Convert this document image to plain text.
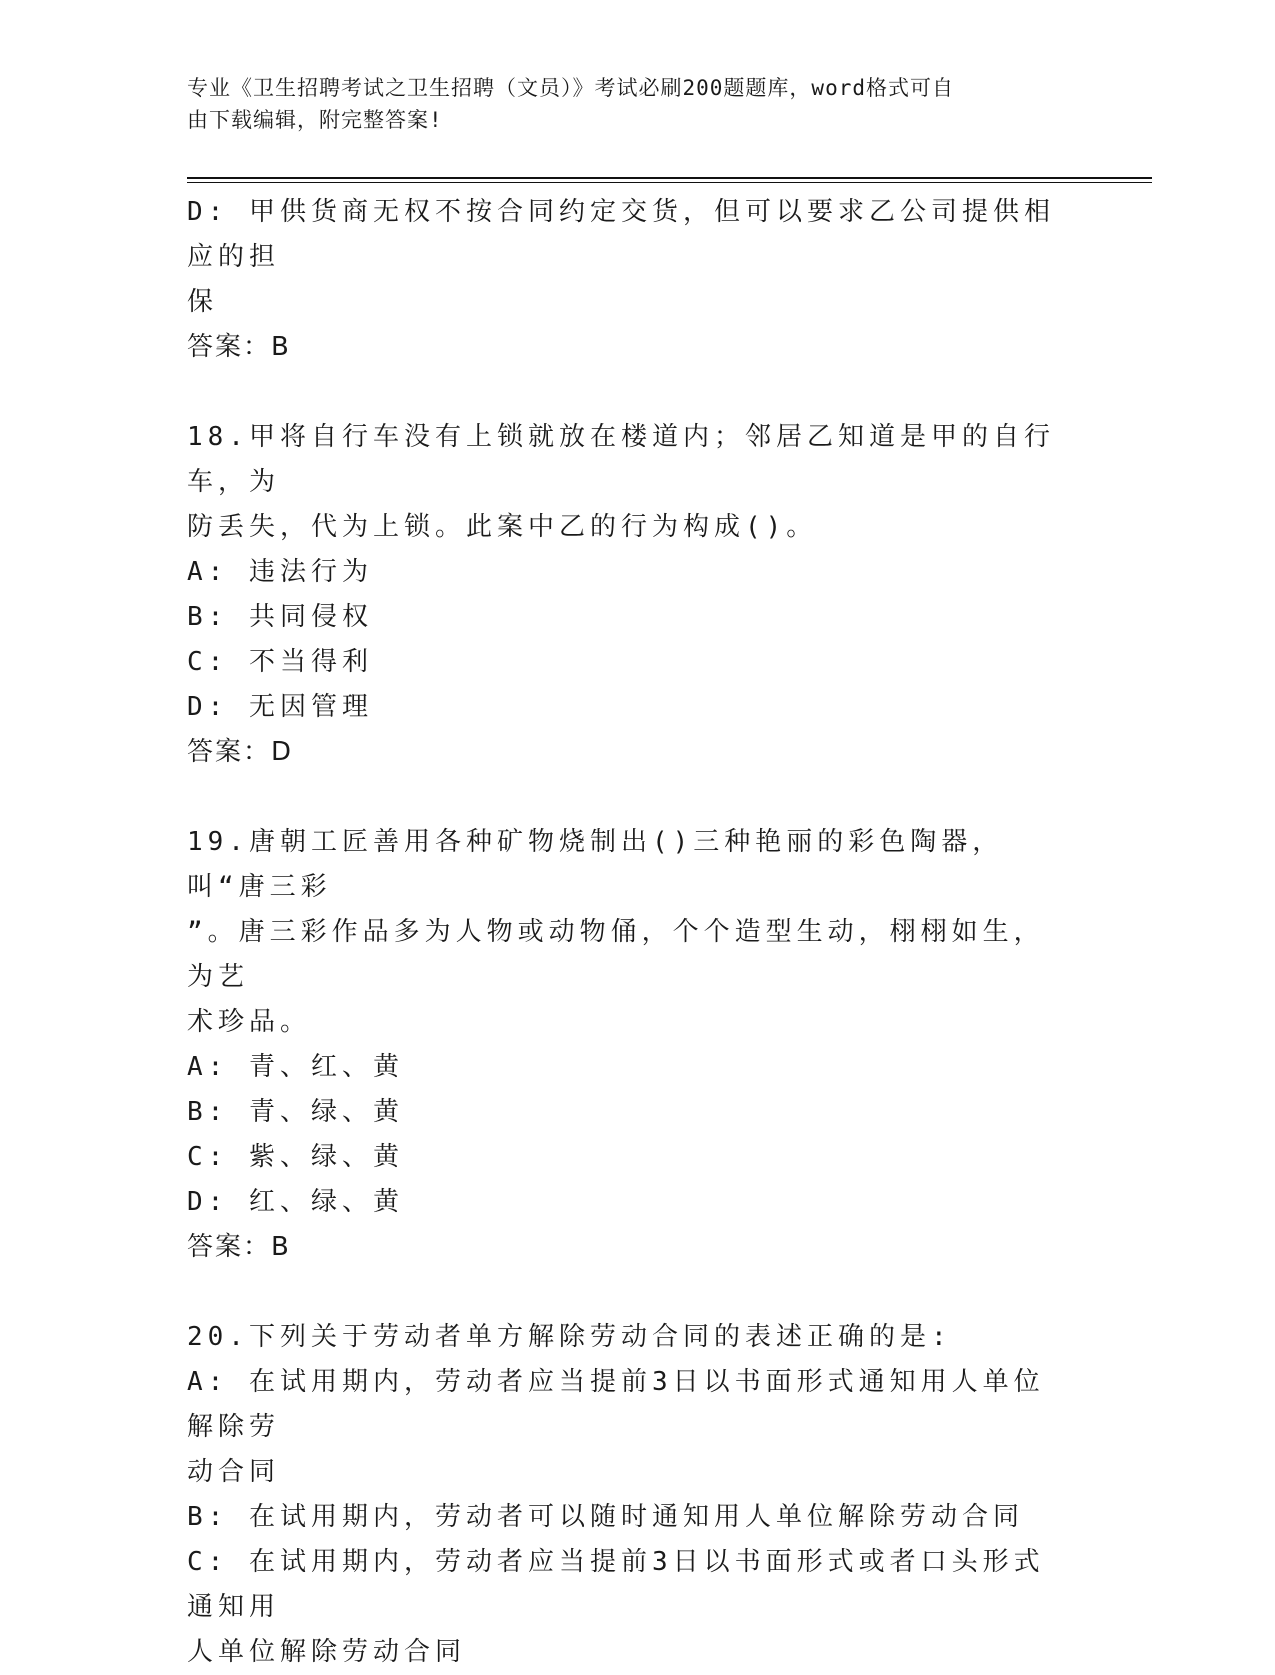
专业《卫生招聘考试之卫生招聘（文员）》考试必刷200题题库，word格式可自
由下载编辑，附完整答案!
D: 甲供货商无权不按合同约定交货，但可以要求乙公司提供相应的担
保
答案：B
18.甲将自行车没有上锁就放在楼道内；邻居乙知道是甲的自行车，为
防丢失，代为上锁。此案中乙的行为构成()。
A: 违法行为
B: 共同侵权
C: 不当得利
D: 无因管理
答案：D
19.唐朝工匠善用各种矿物烧制出()三种艳丽的彩色陶器，叫“唐三彩
”。唐三彩作品多为人物或动物俑，个个造型生动，栩栩如生，为艺
术珍品。
A: 青、红、黄
B: 青、绿、黄
C: 紫、绿、黄
D: 红、绿、黄
答案：B
20.下列关于劳动者单方解除劳动合同的表述正确的是:
A: 在试用期内，劳动者应当提前3日以书面形式通知用人单位解除劳
动合同
B: 在试用期内，劳动者可以随时通知用人单位解除劳动合同
C: 在试用期内，劳动者应当提前3日以书面形式或者口头形式通知用
人单位解除劳动合同
